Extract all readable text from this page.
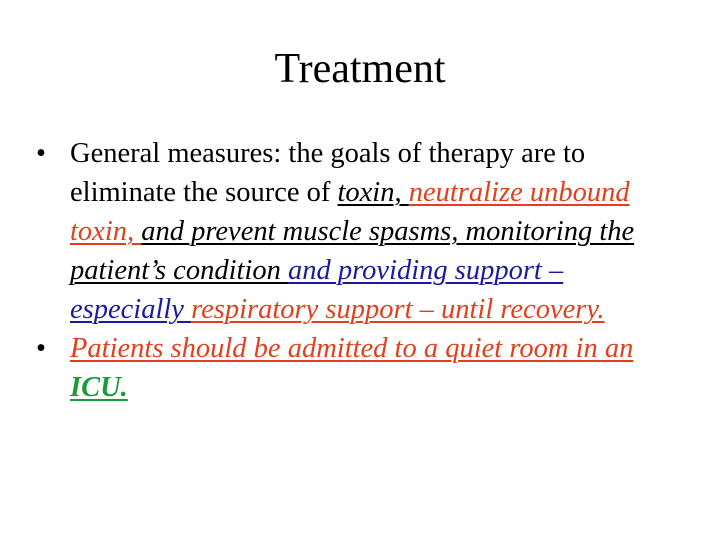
Treatment
• General measures: the goals of therapy are to eliminate the source of toxin, neutralize unbound toxin, and prevent muscle spasms, monitoring the patient’s condition and providing support – especially respiratory support – until recovery.
• Patients should be admitted to a quiet room in an ICU.
